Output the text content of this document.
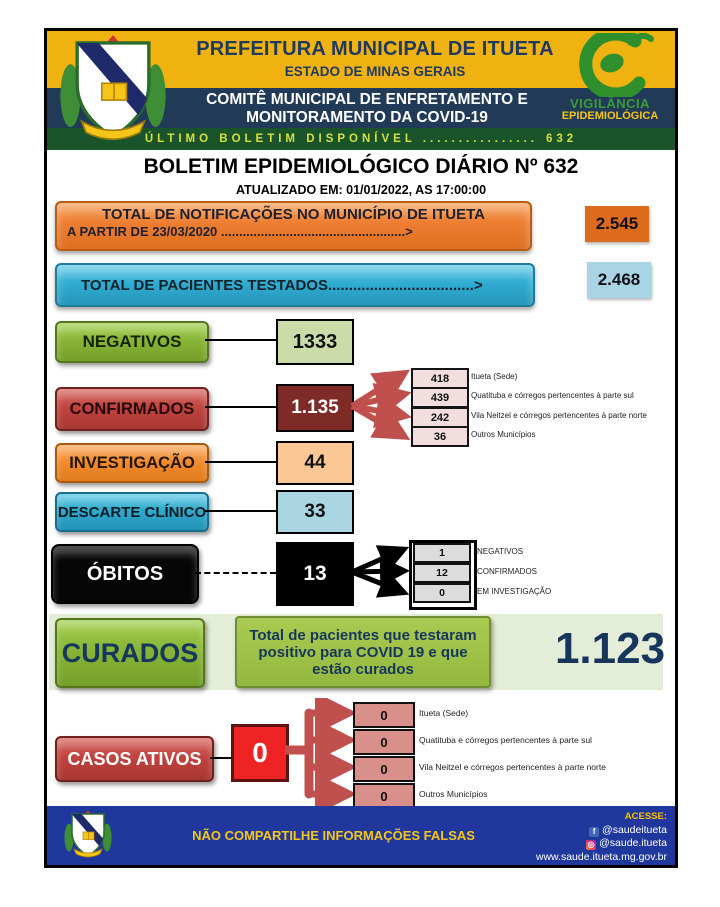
ÚLTIMO BOLETIM DISPONÍVEL ................ 632
PREFEITURA MUNICIPAL DE ITUETA
ESTADO DE MINAS GERAIS
COMITÊ MUNICIPAL DE ENFRETAMENTO E
MONITORAMENTO DA COVID-19
VIGILÂNCIA
EPIDEMIOLÓGICA
BOLETIM EPIDEMIOLÓGICO DIÁRIO Nº 632
ATUALIZADO EM: 01/01/2022, AS 17:00:00
TOTAL DE NOTIFICAÇÕES NO MUNICÍPIO DE ITUETA
A PARTIR DE 23/03/2020 ...................................................>	2.545
TOTAL DE PACIENTES TESTADOS...................................>	2.468
NEGATIVOS	1333
CONFIRMADOS	1.135
418	Itueta (Sede)
439	Quatituba e córregos pertencentes à parte sul
242	Vila Neitzel e córregos pertencentes à parte norte
36	Outros Municípios
INVESTIGAÇÃO	44
DESCARTE CLÍNICO	33
ÓBITOS	13
1	NEGATIVOS
12	CONFIRMADOS
0	EM INVESTIGAÇÃO
CURADOS
Total de pacientes que testaram positivo para COVID 19 e que estão curados	1.123
CASOS ATIVOS	0
0	Itueta (Sede)
0	Quatituba e córregos pertencentes à parte sul
0	Vila Neitzel e córregos pertencentes à parte norte
0	Outros Municípios
NÃO COMPARTILHE INFORMAÇÕES FALSAS
ACESSE:
f @saudeitueta
◎ @saude.itueta
www.saude.itueta.mg.gov.br
